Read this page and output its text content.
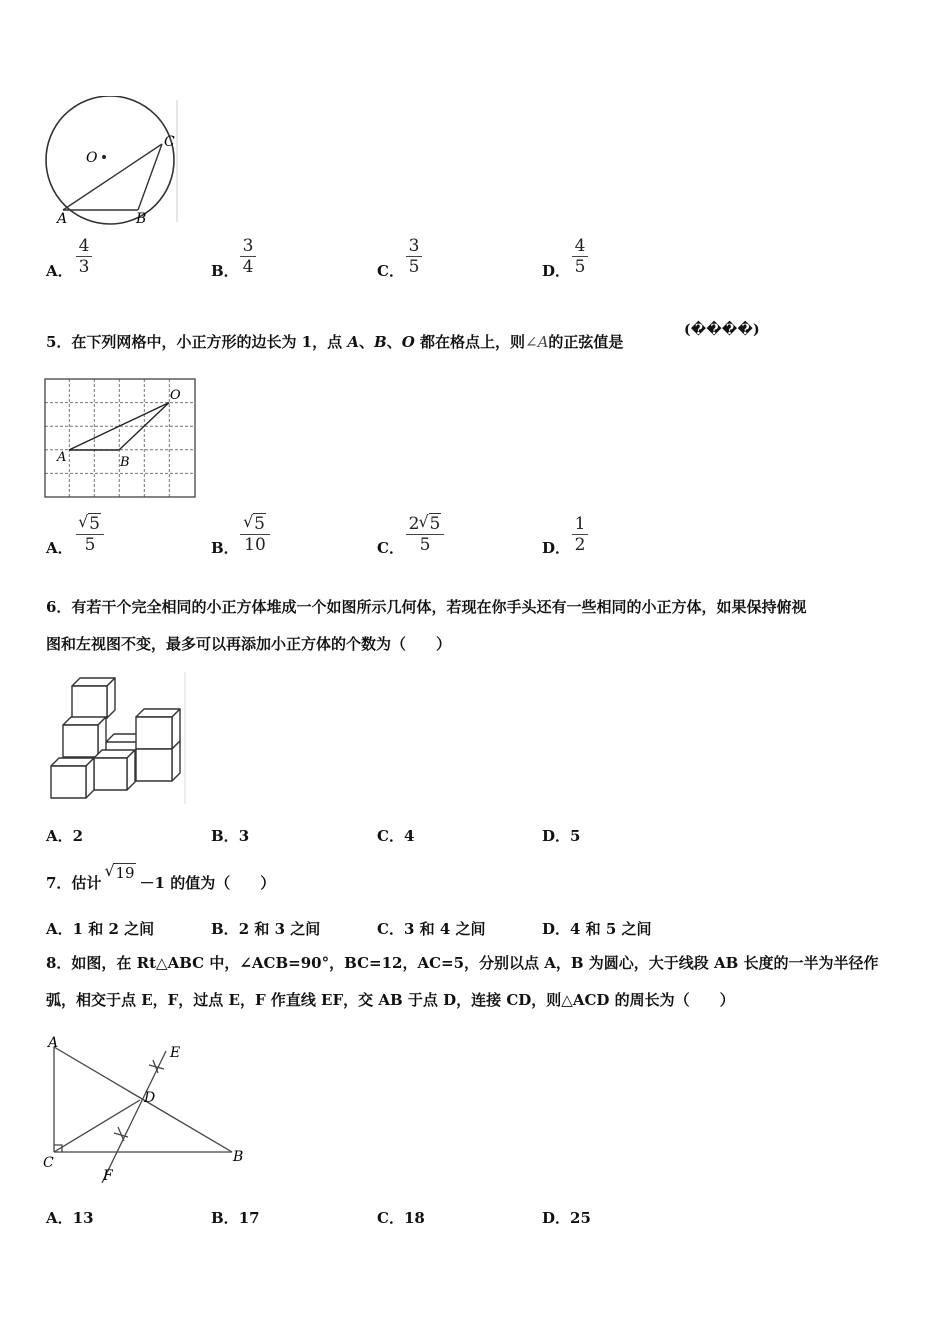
O
C
A	B
A． $\frac{4}{3}$	B． $\frac{3}{4}$	C． $\frac{3}{5}$	D． $\frac{4}{5}$
5．在下列网格中，小正方形的边长为 1，点 A、B、O 都在格点上，则∠A的正弦值是
(����)
O
A	B
A． √ $\frac{5}{5}$	B． √ $\frac{5}{10}$	C． $\frac{2 √ 5}{5}$	D． $\frac{1}{2}$
6．有若干个完全相同的小正方体堆成一个如图所示几何体，若现在你手头还有一些相同的小正方体，如果保持俯视
图和左视图不变，最多可以再添加小正方体的个数为（　　）
A．2	B．3	C．4	D．5
7．估计√ 19－1 的值为（　　）
A．1 和 2 之间	B．2 和 3 之间	C．3 和 4 之间	D．4 和 5 之间
8．如图，在 Rt△ABC 中，∠ACB=90°，BC=12，AC=5，分别以点 A，B 为圆心，大于线段 AB 长度的一半为半径作
弧，相交于点 E，F，过点 E，F 作直线 EF，交 AB 于点 D，连接 CD，则△ACD 的周长为（　　）
A
C	B
D
E
F
A．13	B．17	C．18	D．25
